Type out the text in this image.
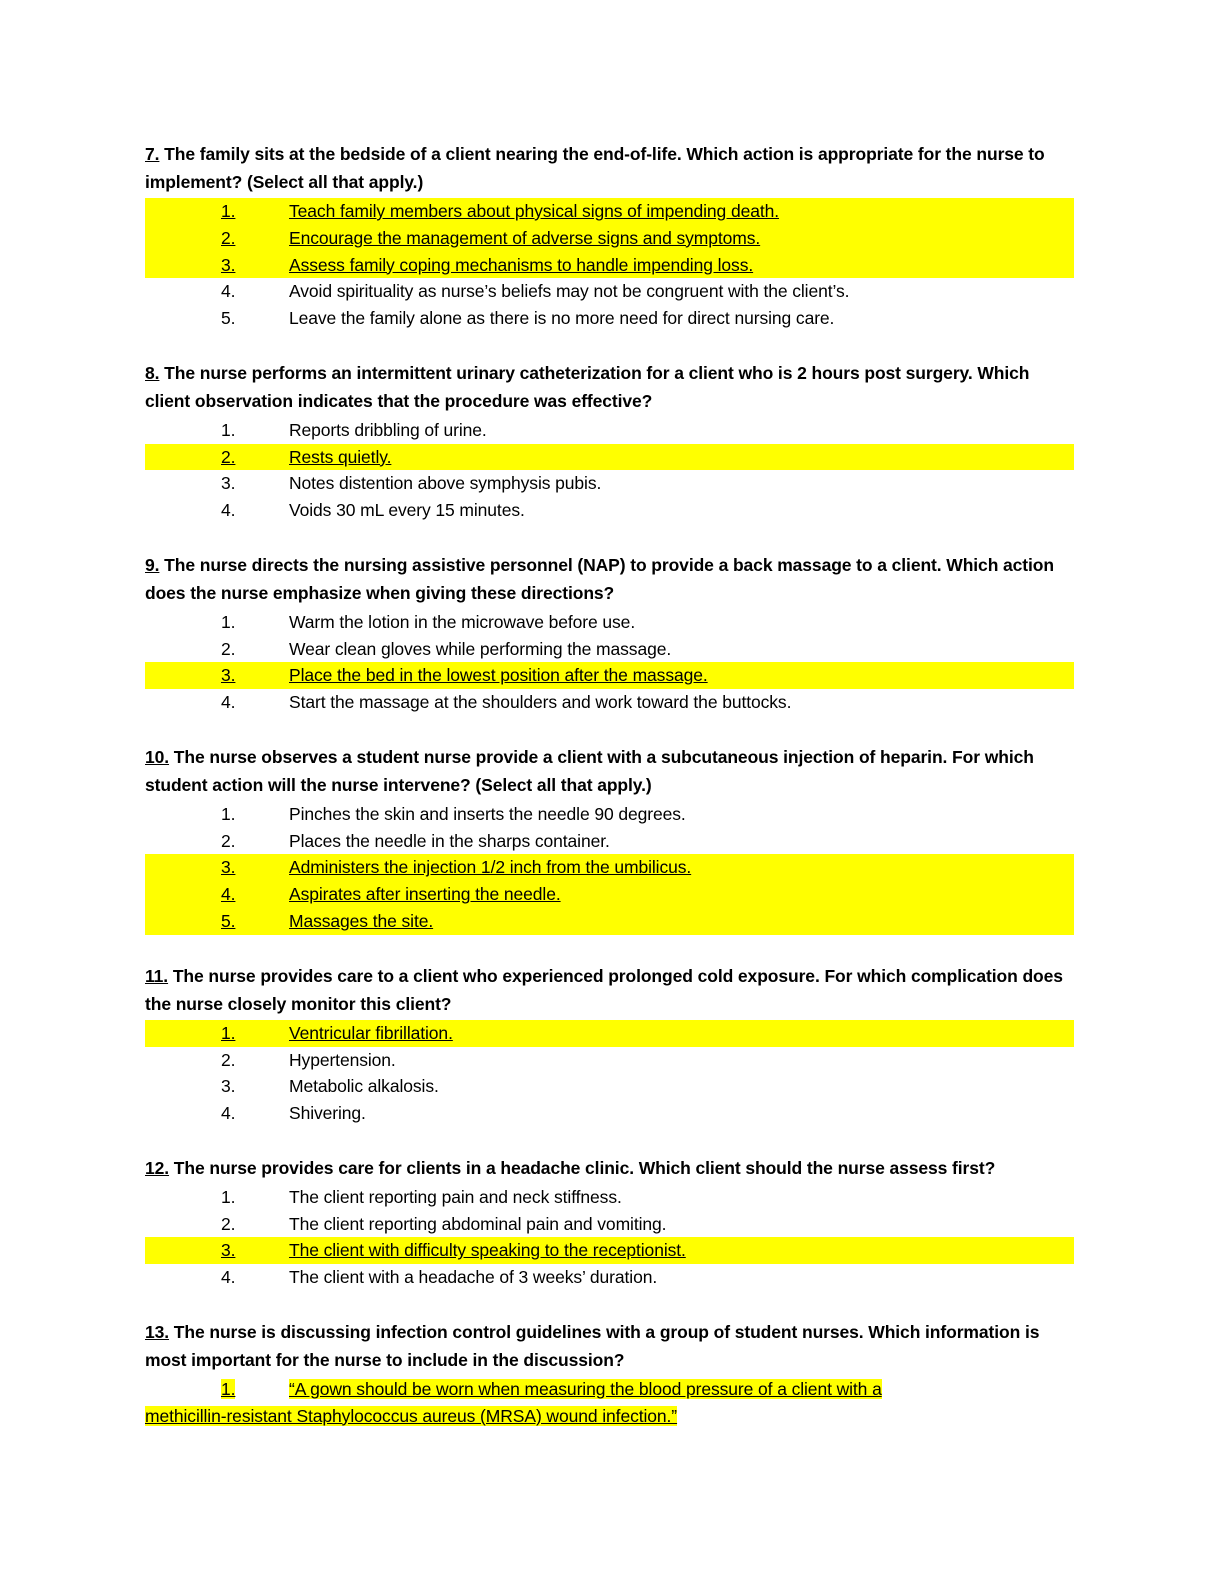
7. The family sits at the bedside of a client nearing the end-of-life. Which action is appropriate for the nurse to implement? (Select all that apply.)
1.	Teach family members about physical signs of impending death.
2.	Encourage the management of adverse signs and symptoms.
3.	Assess family coping mechanisms to handle impending loss.
4.	Avoid spirituality as nurse’s beliefs may not be congruent with the client’s.
5.	Leave the family alone as there is no more need for direct nursing care.
8. The nurse performs an intermittent urinary catheterization for a client who is 2 hours post surgery. Which client observation indicates that the procedure was effective?
1.	Reports dribbling of urine.
2.	Rests quietly.
3.	Notes distention above symphysis pubis.
4.	Voids 30 mL every 15 minutes.
9. The nurse directs the nursing assistive personnel (NAP) to provide a back massage to a client. Which action does the nurse emphasize when giving these directions?
1.	Warm the lotion in the microwave before use.
2.	Wear clean gloves while performing the massage.
3.	Place the bed in the lowest position after the massage.
4.	Start the massage at the shoulders and work toward the buttocks.
10. The nurse observes a student nurse provide a client with a subcutaneous injection of heparin. For which student action will the nurse intervene? (Select all that apply.)
1.	Pinches the skin and inserts the needle 90 degrees.
2.	Places the needle in the sharps container.
3.	Administers the injection 1/2 inch from the umbilicus.
4.	Aspirates after inserting the needle.
5.	Massages the site.
11. The nurse provides care to a client who experienced prolonged cold exposure. For which complication does the nurse closely monitor this client?
1.	Ventricular fibrillation.
2.	Hypertension.
3.	Metabolic alkalosis.
4.	Shivering.
12. The nurse provides care for clients in a headache clinic. Which client should the nurse assess first?
1.	The client reporting pain and neck stiffness.
2.	The client reporting abdominal pain and vomiting.
3.	The client with difficulty speaking to the receptionist.
4.	The client with a headache of 3 weeks’ duration.
13. The nurse is discussing infection control guidelines with a group of student nurses. Which information is most important for the nurse to include in the discussion?
1.	“A gown should be worn when measuring the blood pressure of a client with a
methicillin-resistant Staphylococcus aureus (MRSA) wound infection.”
